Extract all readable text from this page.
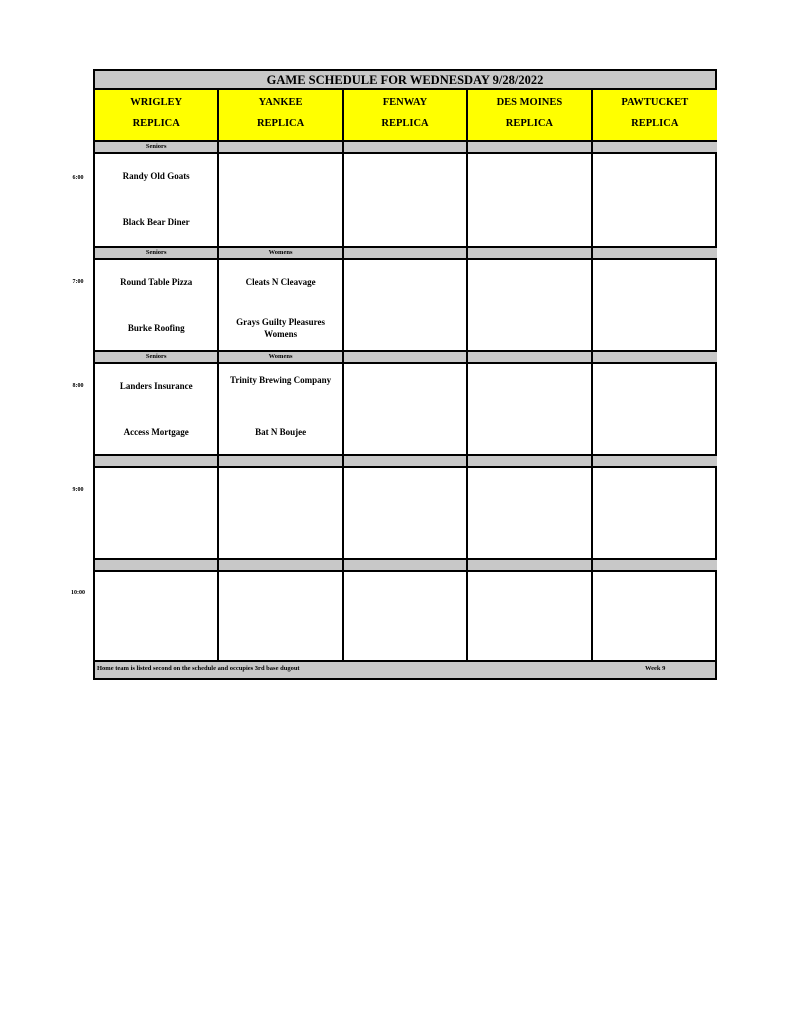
6:00
7:00
8:00
9:00
10:00
GAME SCHEDULE FOR WEDNESDAY 9/28/2022
WRIGLEY
REPLICA
Seniors
Randy Old Goats
Black Bear Diner
Seniors
Round Table Pizza
Burke Roofing
Seniors
Landers Insurance
Access Mortgage
YANKEE
REPLICA
Womens
Cleats N Cleavage
Grays Guilty Pleasures Womens
Womens
Trinity Brewing Company
Bat N Boujee
FENWAY
REPLICA
DES MOINES
REPLICA
PAWTUCKET
REPLICA
Home team is listed second on the schedule and occupies 3rd base dugout	Week 9
